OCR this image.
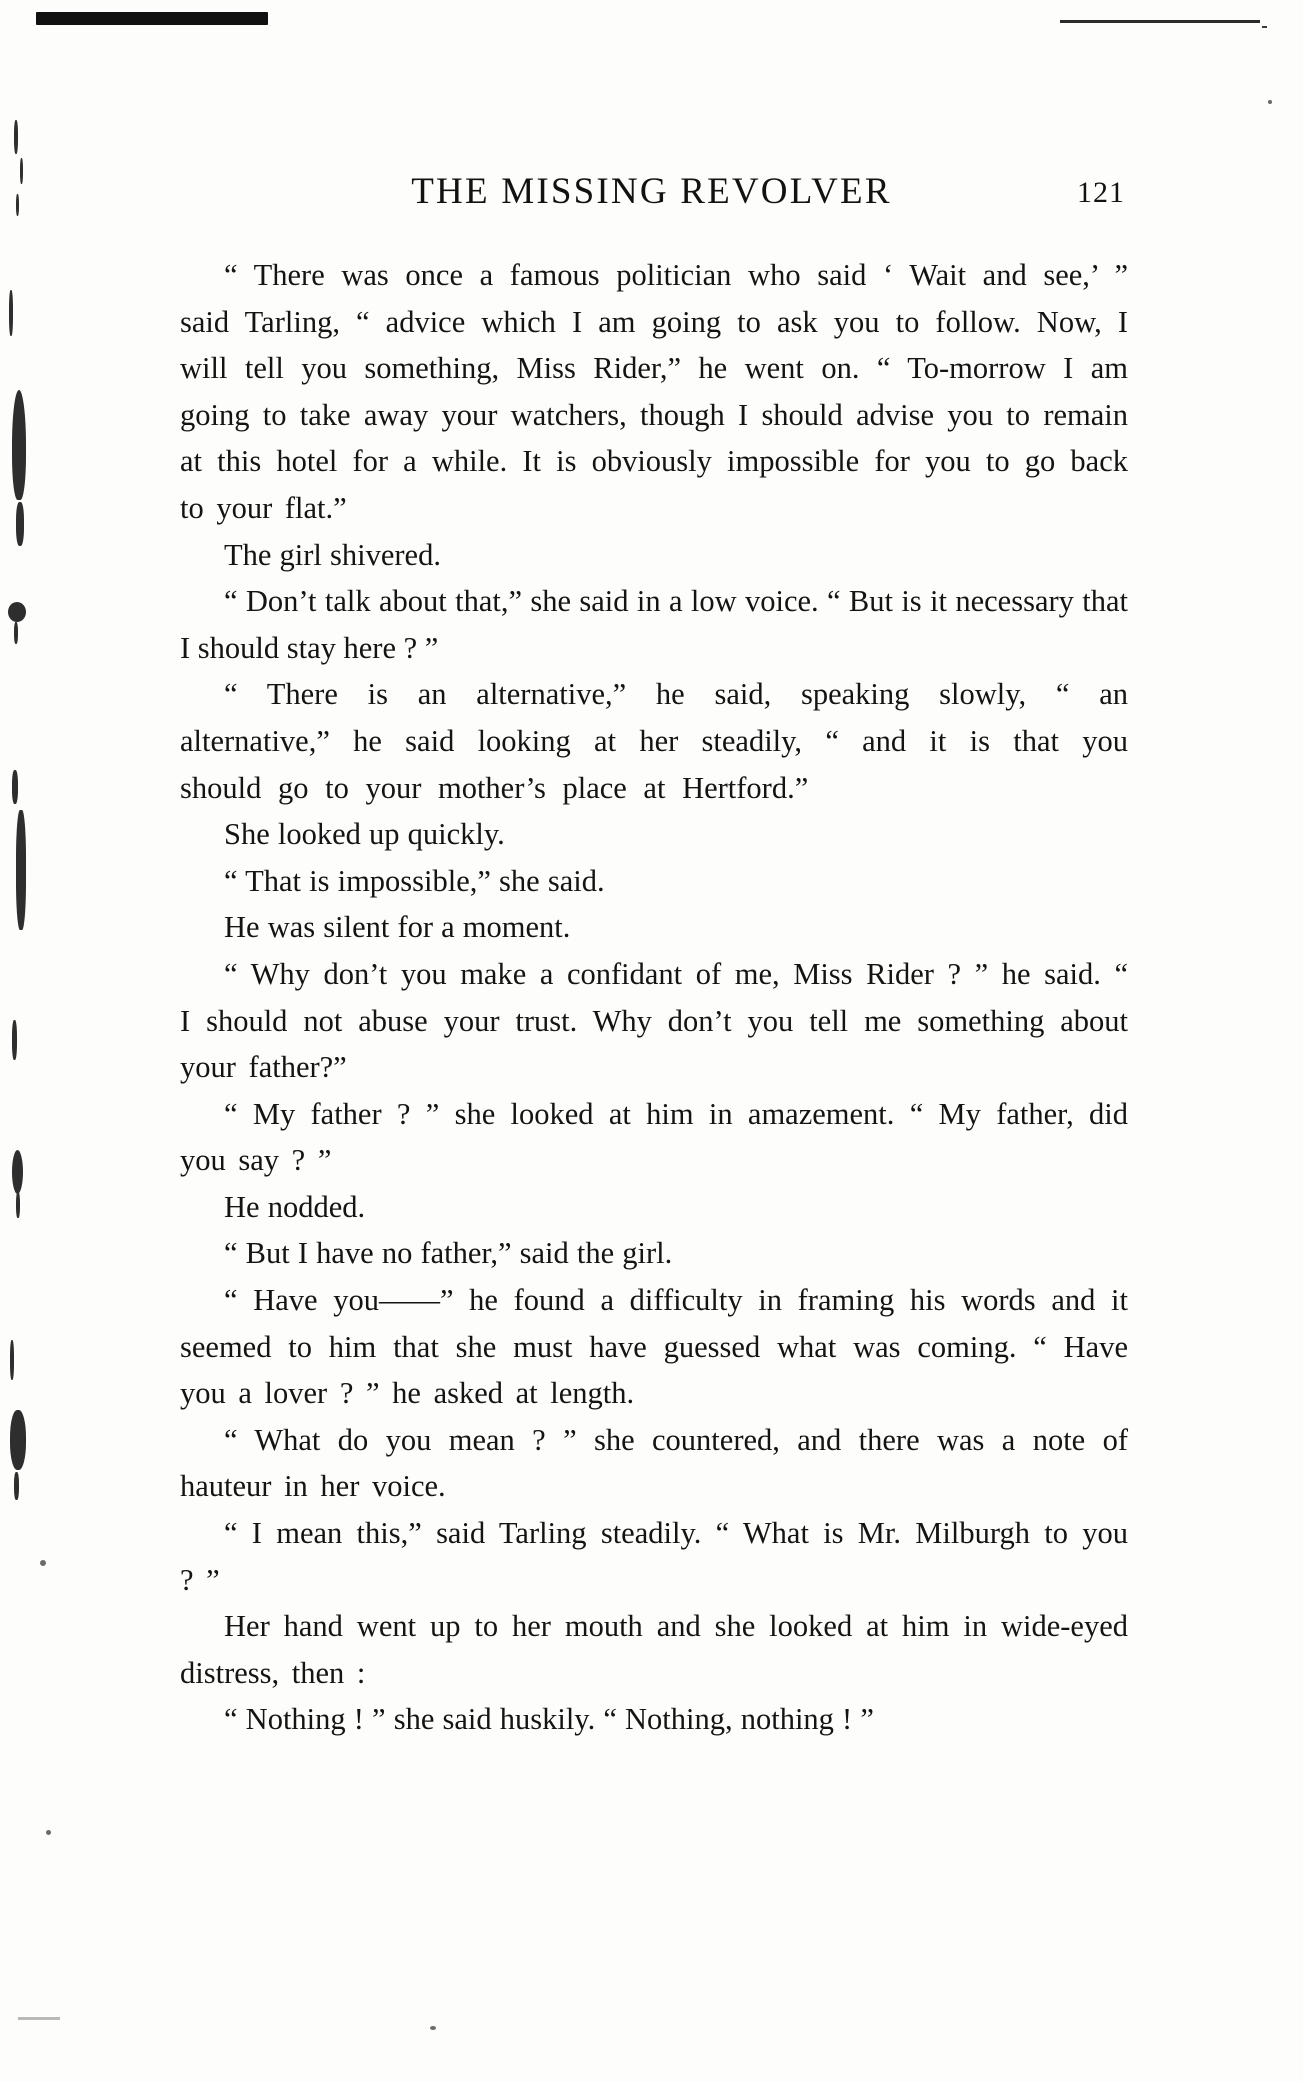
THE MISSING REVOLVER	121

“ There was once a famous politician who said ‘ Wait and see,’ ” said Tarling, “ advice which I am going to ask you to follow. Now, I will tell you something, Miss Rider,” he went on. “ To-morrow I am going to take away your watchers, though I should advise you to remain at this hotel for a while. It is obviously impossible for you to go back to your flat.”

The girl shivered.

“ Don’t talk about that,” she said in a low voice. “ But is it necessary that I should stay here ? ”

“ There is an alternative,” he said, speaking slowly, “ an alternative,” he said looking at her steadily, “ and it is that you should go to your mother’s place at Hertford.”

She looked up quickly.

“ That is impossible,” she said.

He was silent for a moment.

“ Why don’t you make a confidant of me, Miss Rider ? ” he said. “ I should not abuse your trust. Why don’t you tell me something about your father?”

“ My father ? ” she looked at him in amazement. “ My father, did you say ? ”

He nodded.

“ But I have no father,” said the girl.

“ Have you——” he found a difficulty in framing his words and it seemed to him that she must have guessed what was coming. “ Have you a lover ? ” he asked at length.

“ What do you mean ? ” she countered, and there was a note of hauteur in her voice.

“ I mean this,” said Tarling steadily. “ What is Mr. Milburgh to you ? ”

Her hand went up to her mouth and she looked at him in wide-eyed distress, then :

“ Nothing ! ” she said huskily. “ Nothing, nothing ! ”
